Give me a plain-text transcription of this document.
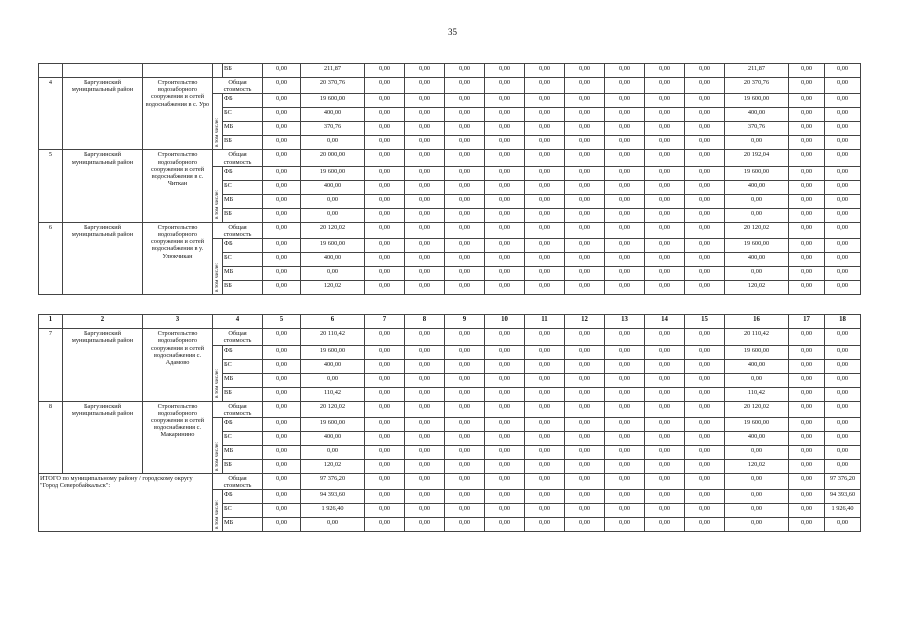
35
				ВБ	0,00	211,87	0,00	0,00	0,00	0,00	0,00	0,00	0,00	0,00	0,00	211,87	0,00	0,00
4	Баргузинский муниципальный район	Строительство водозаборного сооружения и сетей водоснабжения в с. Уро	Общая стоимость		0,00	20 370,76	0,00	0,00	0,00	0,00	0,00	0,00	0,00	0,00	0,00	20 370,76	0,00	0,00
			в том числе:	ФБ	0,00	19 600,00	0,00	0,00	0,00	0,00	0,00	0,00	0,00	0,00	0,00	19 600,00	0,00	0,00
				БС	0,00	400,00	0,00	0,00	0,00	0,00	0,00	0,00	0,00	0,00	0,00	400,00	0,00	0,00
				МБ	0,00	370,76	0,00	0,00	0,00	0,00	0,00	0,00	0,00	0,00	0,00	370,76	0,00	0,00
				ВБ	0,00	0,00	0,00	0,00	0,00	0,00	0,00	0,00	0,00	0,00	0,00	0,00	0,00	0,00
5	Баргузинский муниципальный район	Строительство водозаборного сооружения и сетей водоснабжения в с. Читкан	Общая стоимость		0,00	20 000,00	0,00	0,00	0,00	0,00	0,00	0,00	0,00	0,00	0,00	20 192,04	0,00	0,00
			в том числе:	ФБ	0,00	19 600,00	0,00	0,00	0,00	0,00	0,00	0,00	0,00	0,00	0,00	19 600,00	0,00	0,00
				БС	0,00	400,00	0,00	0,00	0,00	0,00	0,00	0,00	0,00	0,00	0,00	400,00	0,00	0,00
				МБ	0,00	0,00	0,00	0,00	0,00	0,00	0,00	0,00	0,00	0,00	0,00	0,00	0,00	0,00
				ВБ	0,00	0,00	0,00	0,00	0,00	0,00	0,00	0,00	0,00	0,00	0,00	0,00	0,00	0,00
6	Баргузинский муниципальный район	Строительство водозаборного сооружения и сетей водоснабжения в у. Улюкчикан	Общая стоимость		0,00	20 120,02	0,00	0,00	0,00	0,00	0,00	0,00	0,00	0,00	0,00	20 120,02	0,00	0,00
			в том числе:	ФБ	0,00	19 600,00	0,00	0,00	0,00	0,00	0,00	0,00	0,00	0,00	0,00	19 600,00	0,00	0,00
				БС	0,00	400,00	0,00	0,00	0,00	0,00	0,00	0,00	0,00	0,00	0,00	400,00	0,00	0,00
				МБ	0,00	0,00	0,00	0,00	0,00	0,00	0,00	0,00	0,00	0,00	0,00	0,00	0,00	0,00
				ВБ	0,00	120,02	0,00	0,00	0,00	0,00	0,00	0,00	0,00	0,00	0,00	120,02	0,00	0,00

1	2	3	4		5	6	7	8	9	10	11	12	13	14	15	16	17	18
7	Баргузинский муниципальный район	Строительство водозаборного сооружения и сетей водоснабжения с. Адамово	Общая стоимость		0,00	20 110,42	0,00	0,00	0,00	0,00	0,00	0,00	0,00	0,00	0,00	20 110,42	0,00	0,00
			в том числе:	ФБ	0,00	19 600,00	0,00	0,00	0,00	0,00	0,00	0,00	0,00	0,00	0,00	19 600,00	0,00	0,00
				БС	0,00	400,00	0,00	0,00	0,00	0,00	0,00	0,00	0,00	0,00	0,00	400,00	0,00	0,00
				МБ	0,00	0,00	0,00	0,00	0,00	0,00	0,00	0,00	0,00	0,00	0,00	0,00	0,00	0,00
				ВБ	0,00	110,42	0,00	0,00	0,00	0,00	0,00	0,00	0,00	0,00	0,00	110,42	0,00	0,00
8	Баргузинский муниципальный район	Строительство водозаборного сооружения и сетей водоснабжения с. Макаринино	Общая стоимость		0,00	20 120,02	0,00	0,00	0,00	0,00	0,00	0,00	0,00	0,00	0,00	20 120,02	0,00	0,00
			в том числе:	ФБ	0,00	19 600,00	0,00	0,00	0,00	0,00	0,00	0,00	0,00	0,00	0,00	19 600,00	0,00	0,00
				БС	0,00	400,00	0,00	0,00	0,00	0,00	0,00	0,00	0,00	0,00	0,00	400,00	0,00	0,00
				МБ	0,00	0,00	0,00	0,00	0,00	0,00	0,00	0,00	0,00	0,00	0,00	0,00	0,00	0,00
				ВБ	0,00	120,02	0,00	0,00	0,00	0,00	0,00	0,00	0,00	0,00	0,00	120,02	0,00	0,00
ИТОГО по муниципальному району / городскому округу "Город Северобайкальск":			Общая стоимость		0,00	97 376,20	0,00	0,00	0,00	0,00	0,00	0,00	0,00	0,00	0,00	0,00	0,00	97 376,20
			в том числе:	ФБ	0,00	94 393,60	0,00	0,00	0,00	0,00	0,00	0,00	0,00	0,00	0,00	0,00	0,00	94 393,60
				БС	0,00	1 926,40	0,00	0,00	0,00	0,00	0,00	0,00	0,00	0,00	0,00	0,00	0,00	1 926,40
				МБ	0,00	0,00	0,00	0,00	0,00	0,00	0,00	0,00	0,00	0,00	0,00	0,00	0,00	0,00
